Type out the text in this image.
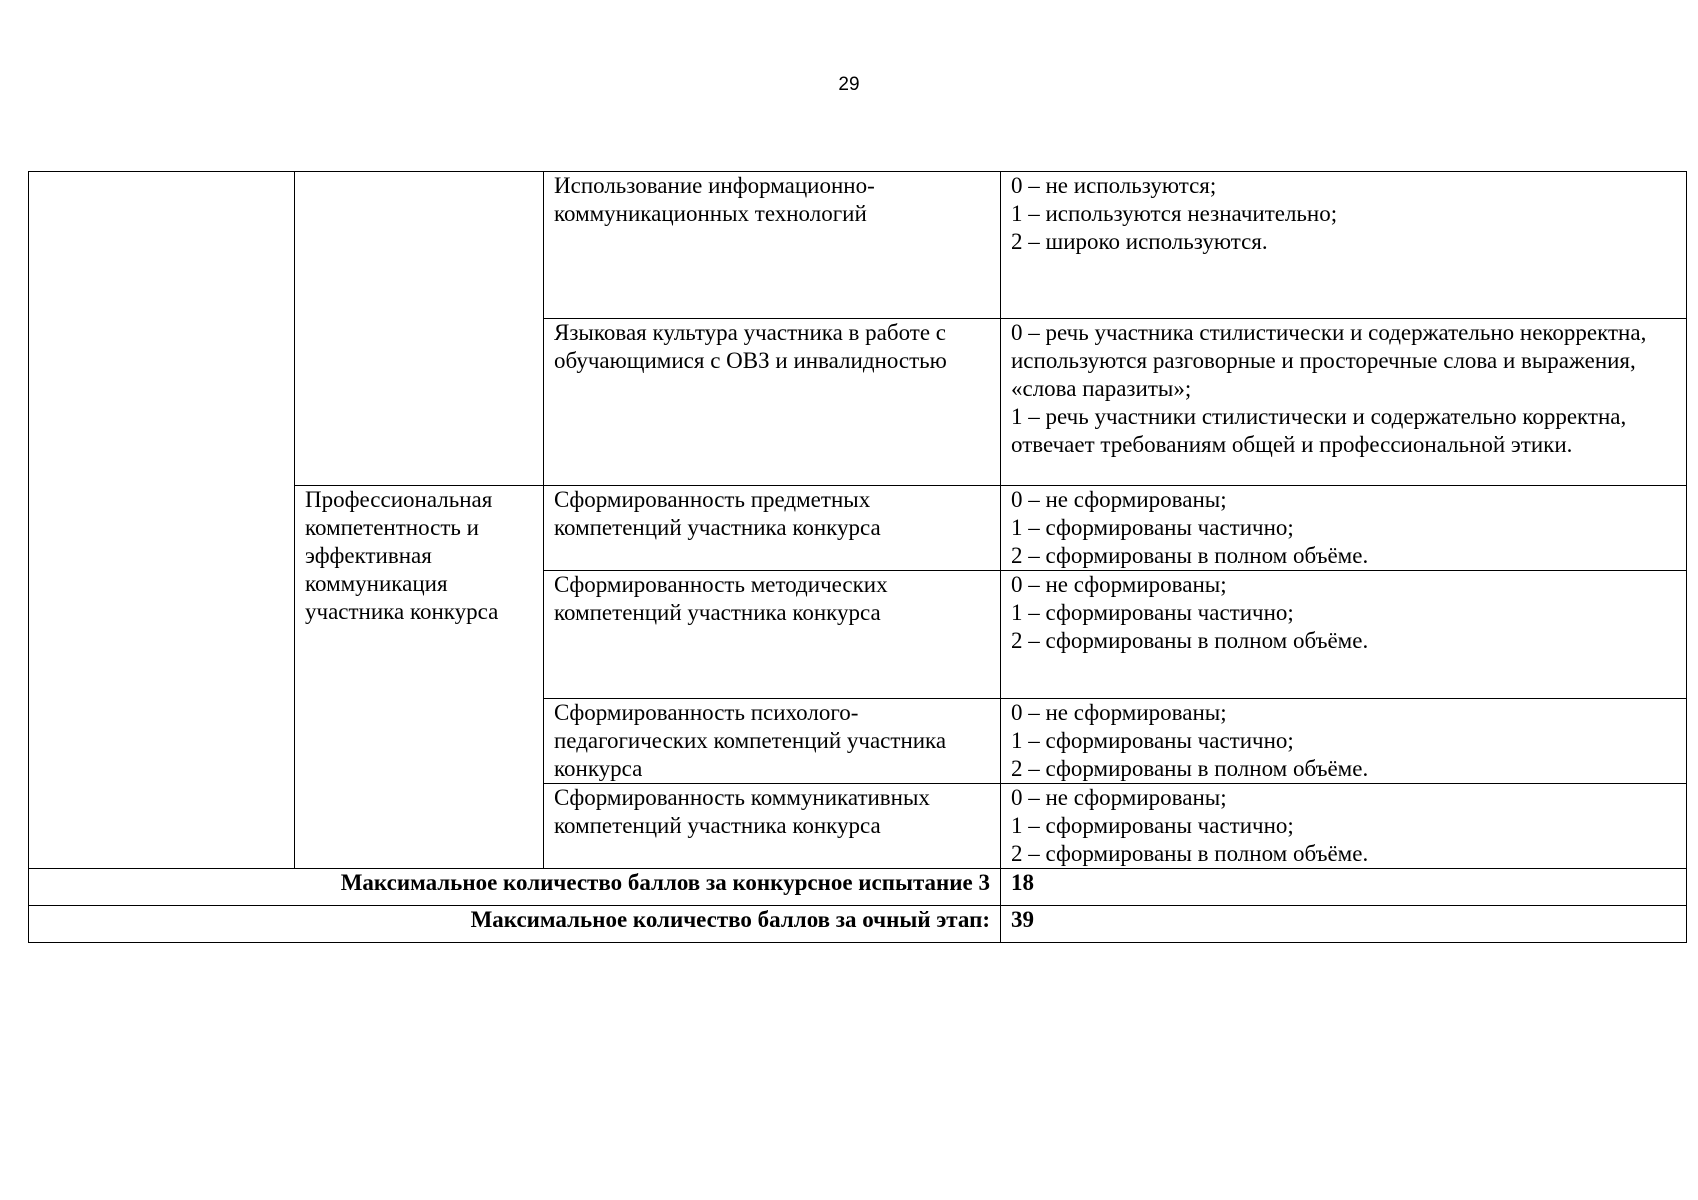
29
		Использование информационно-
коммуникационных технологий	0 – не используются;
1 – используются незначительно;
2 – широко используются.
		Языковая культура участника в работе с обучающимися с ОВЗ и инвалидностью	0 – речь участника стилистически и содержательно некорректна, используются разговорные и просторечные слова и выражения, «слова паразиты»;
1 – речь участники стилистически и содержательно корректна, отвечает требованиям общей и профессиональной этики.
	Профессиональная компетентность и эффективная коммуникация участника конкурса	Сформированность предметных компетенций участника конкурса	0 – не сформированы;
1 – сформированы частично;
2 – сформированы в полном объёме.
		Сформированность методических компетенций участника конкурса	0 – не сформированы;
1 – сформированы частично;
2 – сформированы в полном объёме.
		Сформированность психолого-педагогических компетенций участника конкурса	0 – не сформированы;
1 – сформированы частично;
2 – сформированы в полном объёме.
		Сформированность коммуникативных компетенций участника конкурса	0 – не сформированы;
1 – сформированы частично;
2 – сформированы в полном объёме.
Максимальное количество баллов за конкурсное испытание 3			18
Максимальное количество баллов за очный этап:			39
